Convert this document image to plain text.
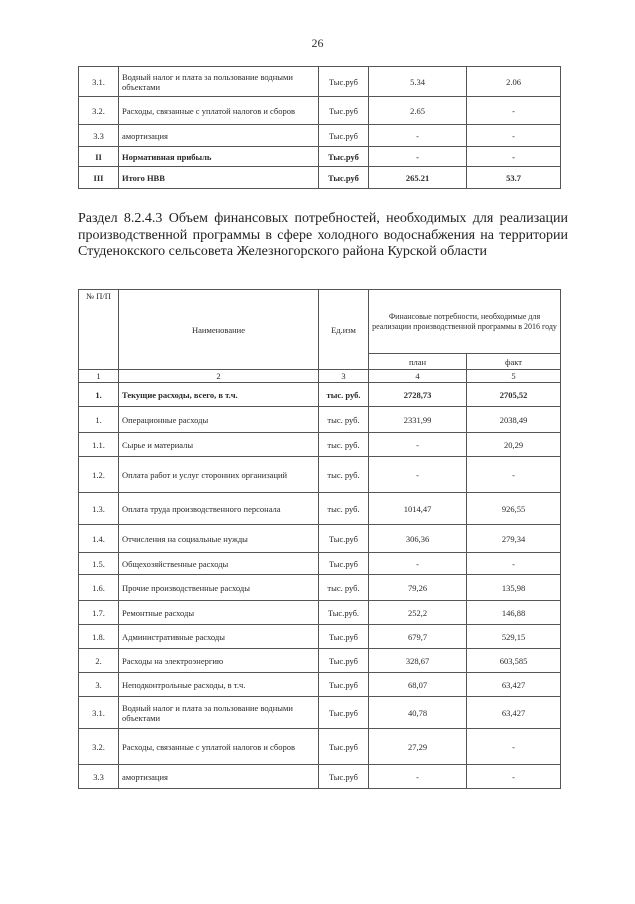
26
3.1.	Водный налог и плата за пользование водными объектами	Тыс.руб	5.34	2.06
3.2.	Расходы, связанные с уплатой налогов и сборов	Тыс.руб	2.65	-
3.3	амортизация	Тыс.руб	-	-
II	Нормативная прибыль	Тыс.руб	-	-
III	Итого НВВ	Тыс.руб	265.21	53.7
Раздел 8.2.4.3 Объем финансовых потребностей, необходимых для реализации производственной программы в сфере холодного водоснабжения на территории Студенокского сельсовета Железногорского района Курской области
№ П/П	Наименование	Ед.изм	Финансовые потребности, необходимые для реализации производственной программы в 2016 году	
			план	факт
1	2	3	4	5
1.	Текущие расходы, всего, в т.ч.	тыс. руб.	2728,73	2705,52
1.	Операционные расходы	тыс. руб.	2331,99	2038,49
1.1.	Сырье и материалы	тыс. руб.	-	20,29
1.2.	Оплата работ и услуг сторонних организаций	тыс. руб.	-	-
1.3.	Оплата труда производственного персонала	тыс. руб.	1014,47	926,55
1.4.	Отчисления на социальные нужды	Тыс.руб	306,36	279,34
1.5.	Общехозяйственные расходы	Тыс.руб	-	-
1.6.	Прочие производственные расходы	тыс. руб.	79,26	135,98
1.7.	Ремонтные расходы	Тыс.руб.	252,2	146,88
1.8.	Административные расходы	Тыс.руб	679,7	529,15
2.	Расходы на электроэнергию	Тыс.руб	328,67	603,585
3.	Неподконтрольные расходы, в т.ч.	Тыс.руб	68,07	63,427
3.1.	Водный налог и плата за пользование водными объектами	Тыс.руб	40,78	63,427
3.2.	Расходы, связанные с уплатой налогов и сборов	Тыс.руб	27,29	-
3.3	амортизация	Тыс.руб	-	-
